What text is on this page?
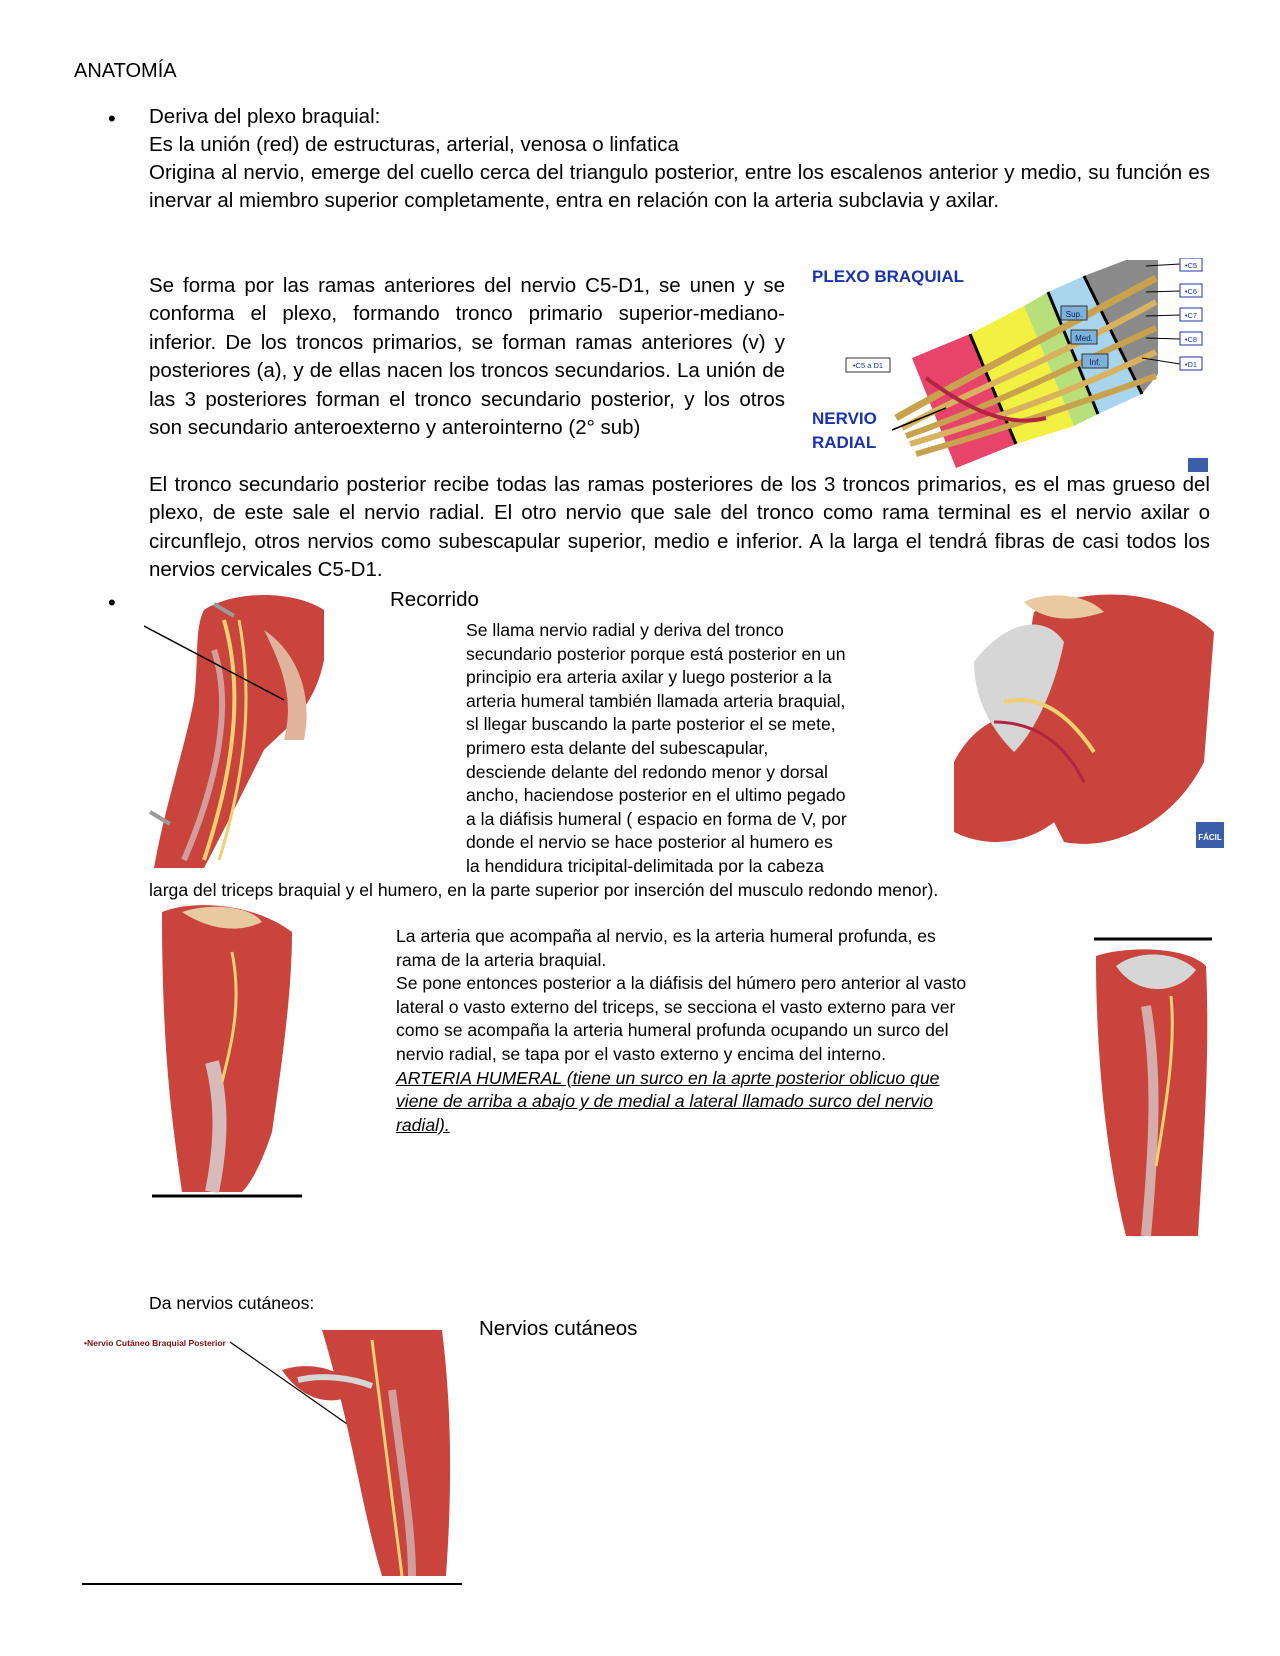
ANATOMÍA
• Deriva del plexo braquial:
Es la unión (red) de estructuras, arterial, venosa o linfatica
Origina al nervio, emerge del cuello cerca del triangulo posterior, entre los escalenos anterior y medio, su función es inervar al miembro superior completamente, entra en relación con la arteria subclavia y axilar.
Se forma por las ramas anteriores del nervio C5-D1, se unen y se conforma el plexo, formando tronco primario superior-mediano-inferior. De los troncos primarios, se forman ramas anteriores (v) y posteriores (a), y de ellas nacen los troncos secundarios. La unión de las 3 posteriores forman el tronco secundario posterior, y los otros son secundario anteroexterno y anterointerno (2° sub)
El tronco secundario posterior recibe todas las ramas posteriores de los 3 troncos primarios, es el mas grueso del plexo, de este sale el nervio radial. El otro nervio que sale del tronco como rama terminal es el nervio axilar o circunflejo, otros nervios como subescapular superior, medio e inferior. A la larga el tendrá fibras de casi todos los nervios cervicales C5-D1.
Sup.
Med.
Inf.
•C5
•C6
•C7
•C8
•D1
PLEXO BRAQUIAL
•C5 a D1
NERVIO
RADIAL
•	Recorrido
Se llama nervio radial y deriva del tronco
secundario posterior porque está posterior en un
principio era arteria axilar y luego posterior a la
arteria humeral también llamada arteria braquial,
sl llegar buscando la parte posterior el se mete,
primero esta delante del subescapular,
desciende delante del redondo menor y dorsal
ancho, haciendose posterior en el ultimo pegado
a la diáfisis humeral ( espacio en forma de V, por
donde el nervio se hace posterior al humero es
la hendidura tricipital-delimitada por la cabeza
larga del triceps braquial y el humero, en la parte superior por inserción del musculo redondo menor).
FÁCIL
La arteria que acompaña al nervio, es la arteria humeral profunda, es
rama de la arteria braquial.
Se pone entonces posterior a la diáfisis del húmero pero anterior al vasto
lateral o vasto externo del triceps, se secciona el vasto externo para ver
como se acompaña la arteria humeral profunda ocupando un surco del
nervio radial, se tapa por el vasto externo y encima del interno.
ARTERIA HUMERAL (tiene un surco en la aprte posterior oblicuo que
viene de arriba a abajo y de medial a lateral llamado surco del nervio
radial).
Da nervios cutáneos:
Nervios cutáneos
•Nervio Cutáneo Braquial Posterior
